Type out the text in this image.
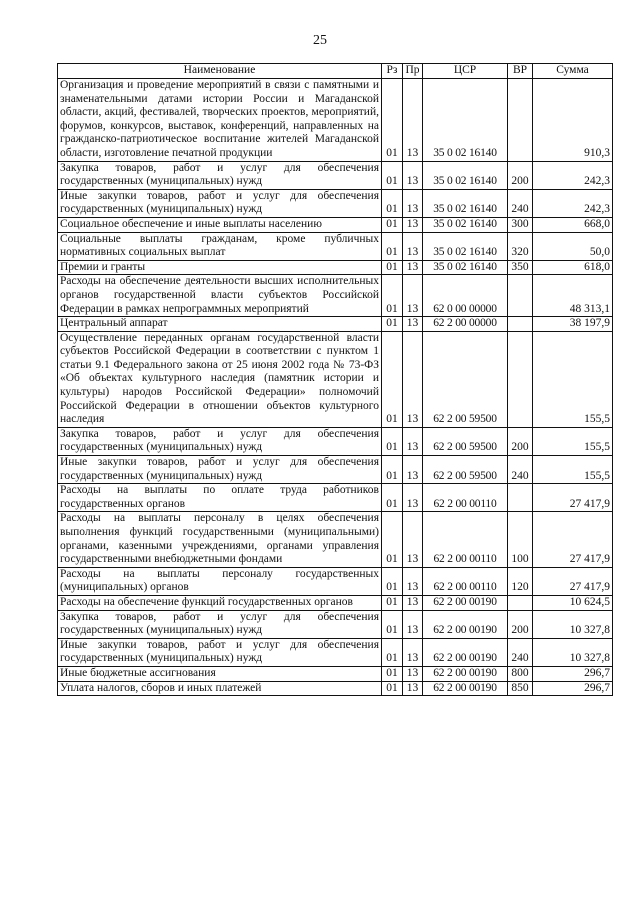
25
Наименование	Рз	Пр	ЦСР	ВР	Сумма
Организация и проведение мероприятий в связи с памятными и знаменательными датами истории России и Магаданской области, акций, фестивалей, творческих проектов, мероприятий, форумов, конкурсов, выставок, конференций, направленных на гражданско-патриотическое воспитание жителей Магаданской области, изготовление печатной продукции	01	13	35 0 02 16140		910,3
Закупка товаров, работ и услуг для обеспечения государственных (муниципальных) нужд	01	13	35 0 02 16140	200	242,3
Иные закупки товаров, работ и услуг для обеспечения государственных (муниципальных) нужд	01	13	35 0 02 16140	240	242,3
Социальное обеспечение и иные выплаты населению	01	13	35 0 02 16140	300	668,0
Социальные выплаты гражданам, кроме публичных нормативных социальных выплат	01	13	35 0 02 16140	320	50,0
Премии и гранты	01	13	35 0 02 16140	350	618,0
Расходы на обеспечение деятельности высших исполнительных органов государственной власти субъектов Российской Федерации в рамках непрограммных мероприятий	01	13	62 0 00 00000		48 313,1
Центральный аппарат	01	13	62 2 00 00000		38 197,9
Осуществление переданных органам государственной власти субъектов Российской Федерации в соответствии с пунктом 1 статьи 9.1 Федерального закона от 25 июня 2002 года № 73-ФЗ «Об объектах культурного наследия (памятник истории и культуры) народов Российской Федерации» полномочий Российской Федерации в отношении объектов культурного наследия	01	13	62 2 00 59500		155,5
Закупка товаров, работ и услуг для обеспечения государственных (муниципальных) нужд	01	13	62 2 00 59500	200	155,5
Иные закупки товаров, работ и услуг для обеспечения государственных (муниципальных) нужд	01	13	62 2 00 59500	240	155,5
Расходы на выплаты по оплате труда работников государственных органов	01	13	62 2 00 00110		27 417,9
Расходы на выплаты персоналу в целях обеспечения выполнения функций государственными (муниципальными) органами, казенными учреждениями, органами управления государственными внебюджетными фондами	01	13	62 2 00 00110	100	27 417,9
Расходы на выплаты персоналу государственных (муниципальных) органов	01	13	62 2 00 00110	120	27 417,9
Расходы на обеспечение функций государственных органов	01	13	62 2 00 00190		10 624,5
Закупка товаров, работ и услуг для обеспечения государственных (муниципальных) нужд	01	13	62 2 00 00190	200	10 327,8
Иные закупки товаров, работ и услуг для обеспечения государственных (муниципальных) нужд	01	13	62 2 00 00190	240	10 327,8
Иные бюджетные ассигнования	01	13	62 2 00 00190	800	296,7
Уплата налогов, сборов и иных платежей	01	13	62 2 00 00190	850	296,7
